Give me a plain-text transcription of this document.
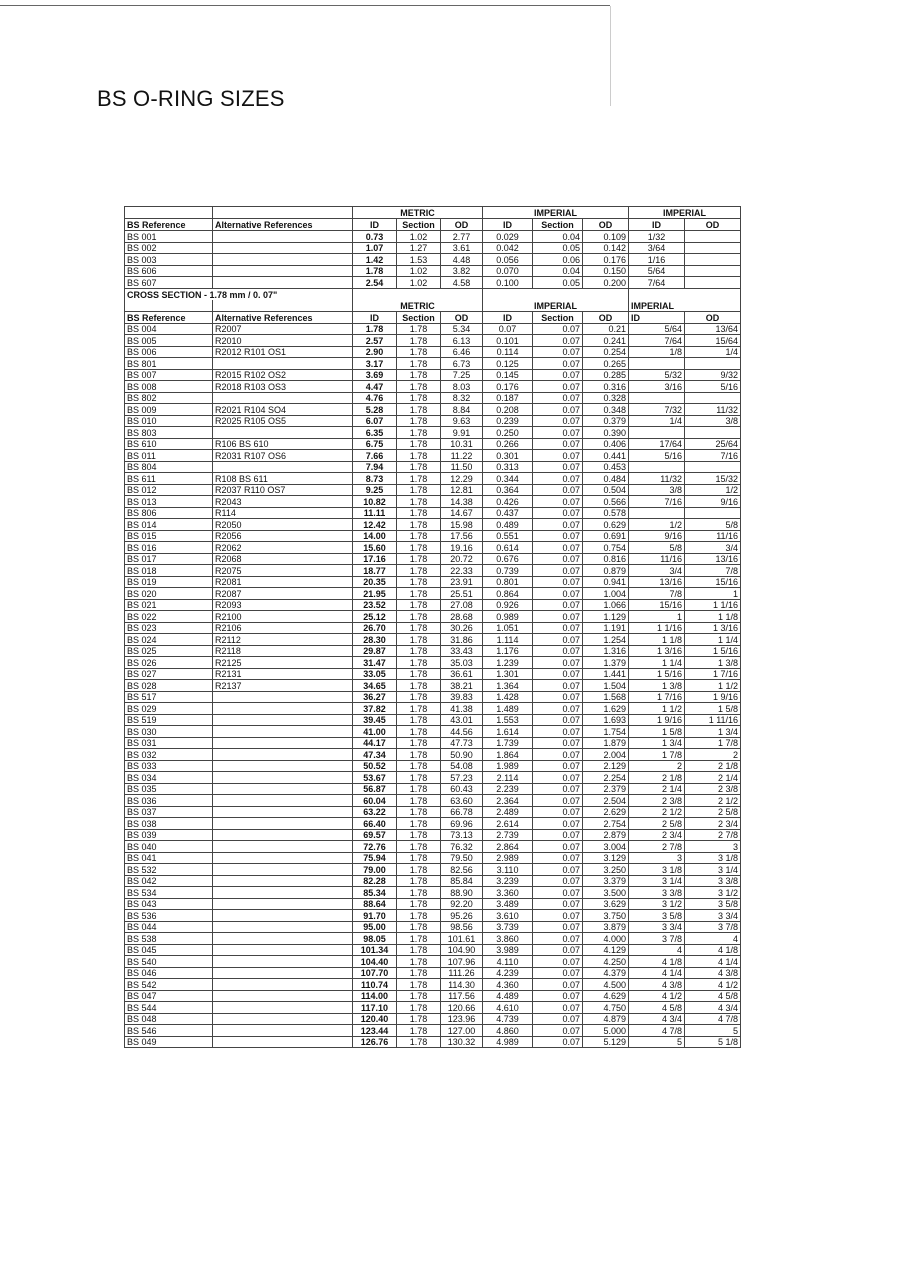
BS O-RING SIZES
		METRIC			IMPERIAL			IMPERIAL	
BS Reference	Alternative References	ID	Section	OD	ID	Section	OD	ID	OD
BS 001		0.73	1.02	2.77	0.029	0.04	0.109	1/32	
BS 002		1.07	1.27	3.61	0.042	0.05	0.142	3/64	
BS 003		1.42	1.53	4.48	0.056	0.06	0.176	1/16	
BS 606		1.78	1.02	3.82	0.070	0.04	0.150	5/64	
BS 607		2.54	1.02	4.58	0.100	0.05	0.200	7/64	
CROSS SECTION - 1.78 mm / 0. 07"									
		METRIC			IMPERIAL			IMPERIAL	
BS Reference	Alternative References	ID	Section	OD	ID	Section	OD	ID	OD
BS 004	R2007	1.78	1.78	5.34	0.07	0.07	0.21	5/64	13/64
BS 005	R2010	2.57	1.78	6.13	0.101	0.07	0.241	7/64	15/64
BS 006	R2012 R101 OS1	2.90	1.78	6.46	0.114	0.07	0.254	1/8	1/4
BS 801		3.17	1.78	6.73	0.125	0.07	0.265		
BS 007	R2015 R102 OS2	3.69	1.78	7.25	0.145	0.07	0.285	5/32	9/32
BS 008	R2018 R103 OS3	4.47	1.78	8.03	0.176	0.07	0.316	3/16	5/16
BS 802		4.76	1.78	8.32	0.187	0.07	0.328		
BS 009	R2021 R104 SO4	5.28	1.78	8.84	0.208	0.07	0.348	7/32	11/32
BS 010	R2025 R105 OS5	6.07	1.78	9.63	0.239	0.07	0.379	1/4	3/8
BS 803		6.35	1.78	9.91	0.250	0.07	0.390		
BS 610	R106 BS 610	6.75	1.78	10.31	0.266	0.07	0.406	17/64	25/64
BS 011	R2031 R107 OS6	7.66	1.78	11.22	0.301	0.07	0.441	5/16	7/16
BS 804		7.94	1.78	11.50	0.313	0.07	0.453		
BS 611	R108 BS 611	8.73	1.78	12.29	0.344	0.07	0.484	11/32	15/32
BS 012	R2037 R110 OS7	9.25	1.78	12.81	0.364	0.07	0.504	3/8	1/2
BS 013	R2043	10.82	1.78	14.38	0.426	0.07	0.566	7/16	9/16
BS 806	R114	11.11	1.78	14.67	0.437	0.07	0.578		
BS 014	R2050	12.42	1.78	15.98	0.489	0.07	0.629	1/2	5/8
BS 015	R2056	14.00	1.78	17.56	0.551	0.07	0.691	9/16	11/16
BS 016	R2062	15.60	1.78	19.16	0.614	0.07	0.754	5/8	3/4
BS 017	R2068	17.16	1.78	20.72	0.676	0.07	0.816	11/16	13/16
BS 018	R2075	18.77	1.78	22.33	0.739	0.07	0.879	3/4	7/8
BS 019	R2081	20.35	1.78	23.91	0.801	0.07	0.941	13/16	15/16
BS 020	R2087	21.95	1.78	25.51	0.864	0.07	1.004	7/8	1
BS 021	R2093	23.52	1.78	27.08	0.926	0.07	1.066	15/16	1 1/16
BS 022	R2100	25.12	1.78	28.68	0.989	0.07	1.129	1	1 1/8
BS 023	R2106	26.70	1.78	30.26	1.051	0.07	1.191	1 1/16	1 3/16
BS 024	R2112	28.30	1.78	31.86	1.114	0.07	1.254	1 1/8	1 1/4
BS 025	R2118	29.87	1.78	33.43	1.176	0.07	1.316	1 3/16	1 5/16
BS 026	R2125	31.47	1.78	35.03	1.239	0.07	1.379	1 1/4	1 3/8
BS 027	R2131	33.05	1.78	36.61	1.301	0.07	1.441	1 5/16	1 7/16
BS 028	R2137	34.65	1.78	38.21	1.364	0.07	1.504	1 3/8	1 1/2
BS 517		36.27	1.78	39.83	1.428	0.07	1.568	1 7/16	1 9/16
BS 029		37.82	1.78	41.38	1.489	0.07	1.629	1 1/2	1 5/8
BS 519		39.45	1.78	43.01	1.553	0.07	1.693	1 9/16	1 11/16
BS 030		41.00	1.78	44.56	1.614	0.07	1.754	1 5/8	1 3/4
BS 031		44.17	1.78	47.73	1.739	0.07	1.879	1 3/4	1 7/8
BS 032		47.34	1.78	50.90	1.864	0.07	2.004	1 7/8	2
BS 033		50.52	1.78	54.08	1.989	0.07	2.129	2	2 1/8
BS 034		53.67	1.78	57.23	2.114	0.07	2.254	2 1/8	2 1/4
BS 035		56.87	1.78	60.43	2.239	0.07	2.379	2 1/4	2 3/8
BS 036		60.04	1.78	63.60	2.364	0.07	2.504	2 3/8	2 1/2
BS 037		63.22	1.78	66.78	2.489	0.07	2.629	2 1/2	2 5/8
BS 038		66.40	1.78	69.96	2.614	0.07	2.754	2 5/8	2 3/4
BS 039		69.57	1.78	73.13	2.739	0.07	2.879	2 3/4	2 7/8
BS 040		72.76	1.78	76.32	2.864	0.07	3.004	2 7/8	3
BS 041		75.94	1.78	79.50	2.989	0.07	3.129	3	3 1/8
BS 532		79.00	1.78	82.56	3.110	0.07	3.250	3 1/8	3 1/4
BS 042		82.28	1.78	85.84	3.239	0.07	3.379	3 1/4	3 3/8
BS 534		85.34	1.78	88.90	3.360	0.07	3.500	3 3/8	3 1/2
BS 043		88.64	1.78	92.20	3.489	0.07	3.629	3 1/2	3 5/8
BS 536		91.70	1.78	95.26	3.610	0.07	3.750	3 5/8	3 3/4
BS 044		95.00	1.78	98.56	3.739	0.07	3.879	3 3/4	3 7/8
BS 538		98.05	1.78	101.61	3.860	0.07	4.000	3 7/8	4
BS 045		101.34	1.78	104.90	3.989	0.07	4.129	4	4 1/8
BS 540		104.40	1.78	107.96	4.110	0.07	4.250	4 1/8	4 1/4
BS 046		107.70	1.78	111.26	4.239	0.07	4.379	4 1/4	4 3/8
BS 542		110.74	1.78	114.30	4.360	0.07	4.500	4 3/8	4 1/2
BS 047		114.00	1.78	117.56	4.489	0.07	4.629	4 1/2	4 5/8
BS 544		117.10	1.78	120.66	4.610	0.07	4.750	4 5/8	4 3/4
BS 048		120.40	1.78	123.96	4.739	0.07	4.879	4 3/4	4 7/8
BS 546		123.44	1.78	127.00	4.860	0.07	5.000	4 7/8	5
BS 049		126.76	1.78	130.32	4.989	0.07	5.129	5	5 1/8
